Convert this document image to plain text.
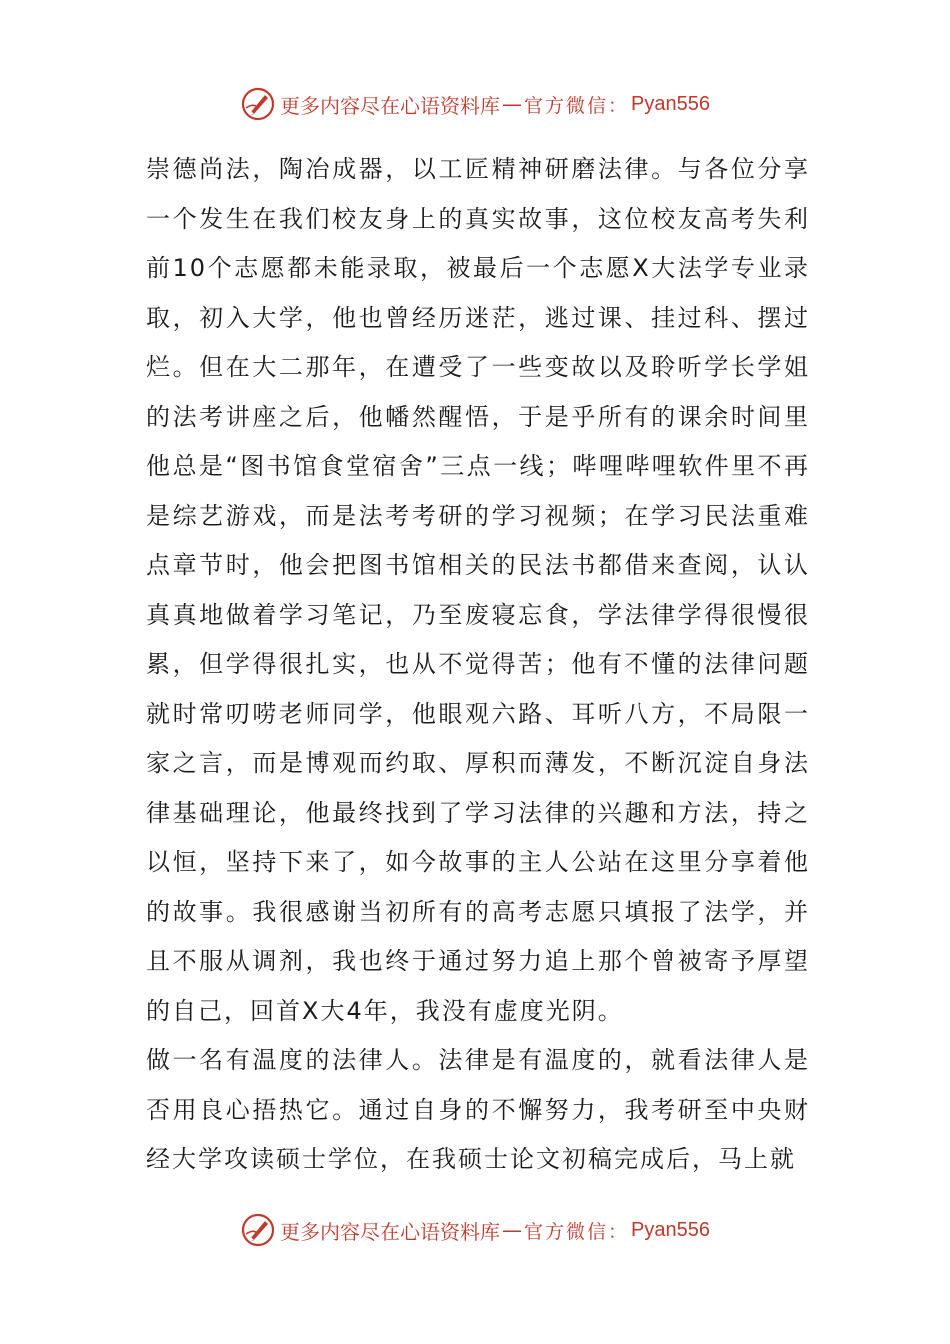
更多内容尽在心语资料库 — 官方微信： Pyan556

崇德尚法，陶冶成器，以工匠精神研磨法律。与各位分享一个发生在我们校友身上的真实故事，这位校友高考失利前10个志愿都未能录取，被最后一个志愿X大法学专业录取，初入大学，他也曾经历迷茫，逃过课、挂过科、摆过烂。但在大二那年，在遭受了一些变故以及聆听学长学姐的法考讲座之后，他幡然醒悟，于是乎所有的课余时间里他总是“图书馆食堂宿舍”三点一线；哔哩哔哩软件里不再是综艺游戏，而是法考考研的学习视频；在学习民法重难点章节时，他会把图书馆相关的民法书都借来查阅，认认真真地做着学习笔记，乃至废寝忘食，学法律学得很慢很累，但学得很扎实，也从不觉得苦；他有不懂的法律问题就时常叨唠老师同学，他眼观六路、耳听八方，不局限一家之言，而是博观而约取、厚积而薄发，不断沉淀自身法律基础理论，他最终找到了学习法律的兴趣和方法，持之以恒，坚持下来了，如今故事的主人公站在这里分享着他的故事。我很感谢当初所有的高考志愿只填报了法学，并且不服从调剂，我也终于通过努力追上那个曾被寄予厚望的自己，回首X大4年，我没有虚度光阴。

做一名有温度的法律人。法律是有温度的，就看法律人是否用良心捂热它。通过自身的不懈努力，我考研至中央财经大学攻读硕士学位，在我硕士论文初稿完成后，马上就

更多内容尽在心语资料库 — 官方微信： Pyan556
